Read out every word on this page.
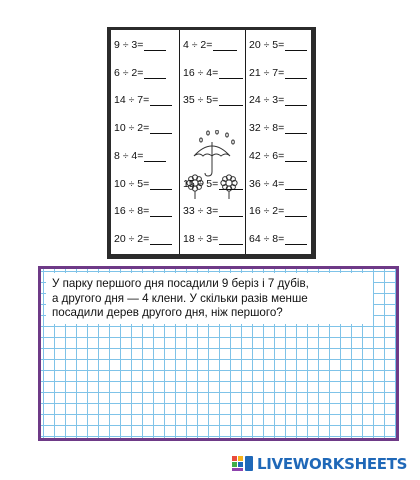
9 ÷ 3=
6 ÷ 2=
14 ÷ 7=
10 ÷ 2=
8 ÷ 4=
10 ÷ 5=
16 ÷ 8=
20 ÷ 2=
4 ÷ 2=
16 ÷ 4=
35 ÷ 5=
15 ÷ 5=
33 ÷ 3=
18 ÷ 3=
20 ÷ 5=
21 ÷ 7=
24 ÷ 3=
32 ÷ 8=
42 ÷ 6=
36 ÷ 4=
16 ÷ 2=
64 ÷ 8=
У парку першого дня посадили 9 беріз і 7 дубів,
а другого дня — 4 клени. У скільки разів менше
посадили дерев другого дня, ніж першого?
LIVEWORKSHEETS
